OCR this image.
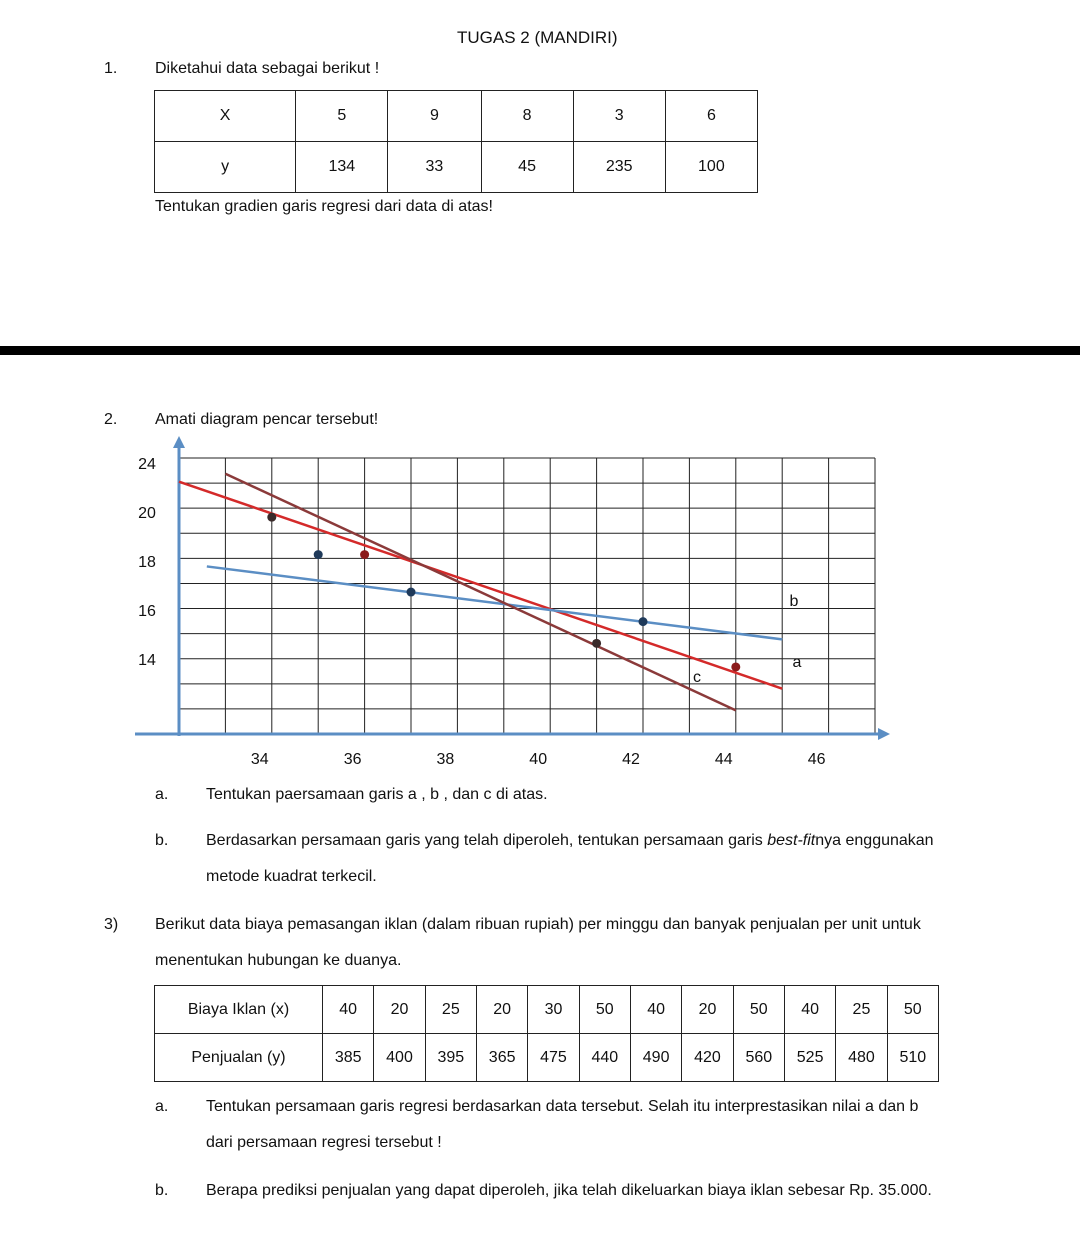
TUGAS 2 (MANDIRI)
1. Diketahui data sebagai berikut !
X	5	9	8	3	6
y	134	33	45	235	100
Tentukan gradien garis regresi dari data di atas!
2. Amati diagram pencar tersebut!
34	36	38	40	42	44	46
24
20
18
16
14	a
b
c
a. Tentukan paersamaan garis a , b , dan c di atas.
b. Berdasarkan persamaan garis yang telah diperoleh, tentukan persamaan garis best-fitnya enggunakan
metode kuadrat terkecil.
3) Berikut data biaya pemasangan iklan (dalam ribuan rupiah) per minggu dan banyak penjualan per unit untuk
menentukan hubungan ke duanya.
Biaya Iklan (x)	40	20	25	20	30	50	40	20	50	40	25	50
Penjualan (y)	385	400	395	365	475	440	490	420	560	525	480	510
a. Tentukan persamaan garis regresi berdasarkan data tersebut. Selah itu interprestasikan nilai a dan b
dari persamaan regresi tersebut !
b. Berapa prediksi penjualan yang dapat diperoleh, jika telah dikeluarkan biaya iklan sebesar Rp. 35.000.
